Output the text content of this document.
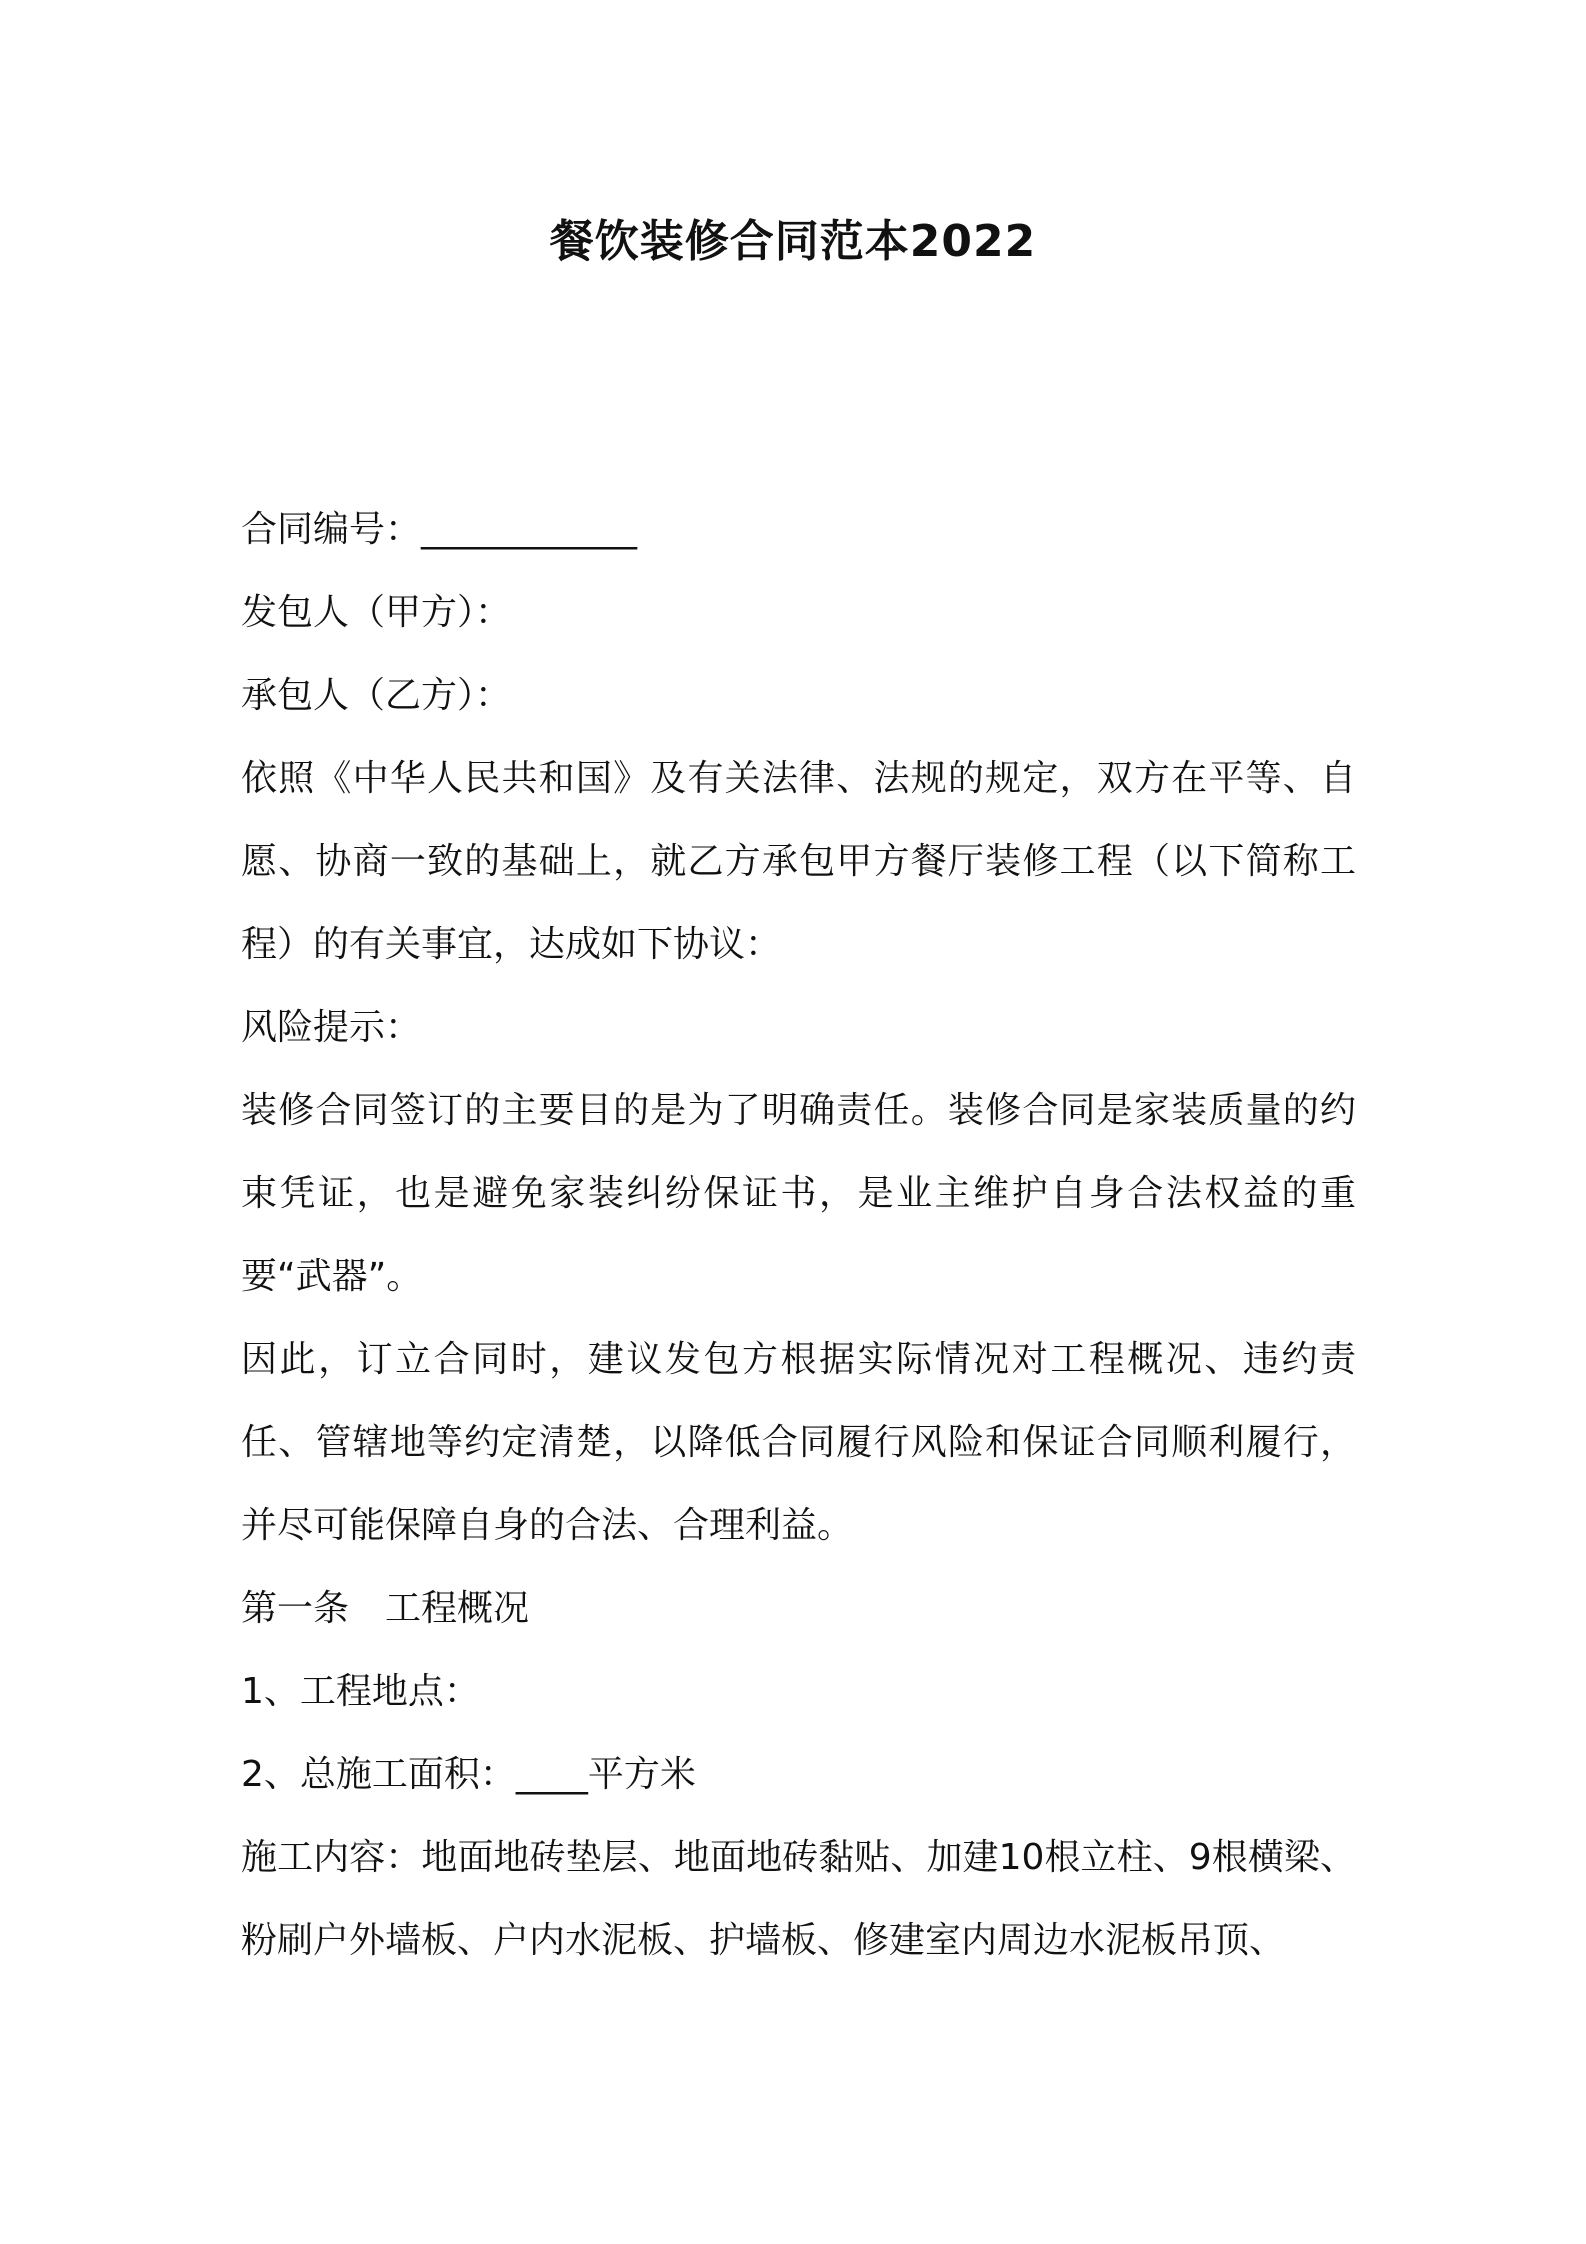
餐饮装修合同范本2022
合同编号：____________
发包人（甲方）：
承包人（乙方）：
依照《中华人民共和国》及有关法律、法规的规定，双方在平等、自愿、协商一致的基础上，就乙方承包甲方餐厅装修工程（以下简称工程）的有关事宜，达成如下协议：
风险提示：
装修合同签订的主要目的是为了明确责任。装修合同是家装质量的约束凭证，也是避免家装纠纷保证书，是业主维护自身合法权益的重要“武器”。
因此，订立合同时，建议发包方根据实际情况对工程概况、违约责任、管辖地等约定清楚，以降低合同履行风险和保证合同顺利履行，并尽可能保障自身的合法、合理利益。
第一条　工程概况
1、工程地点：
2、总施工面积：____平方米
施工内容：地面地砖垫层、地面地砖黏贴、加建10根立柱、9根横梁、粉刷户外墙板、户内水泥板、护墙板、修建室内周边水泥板吊顶、
